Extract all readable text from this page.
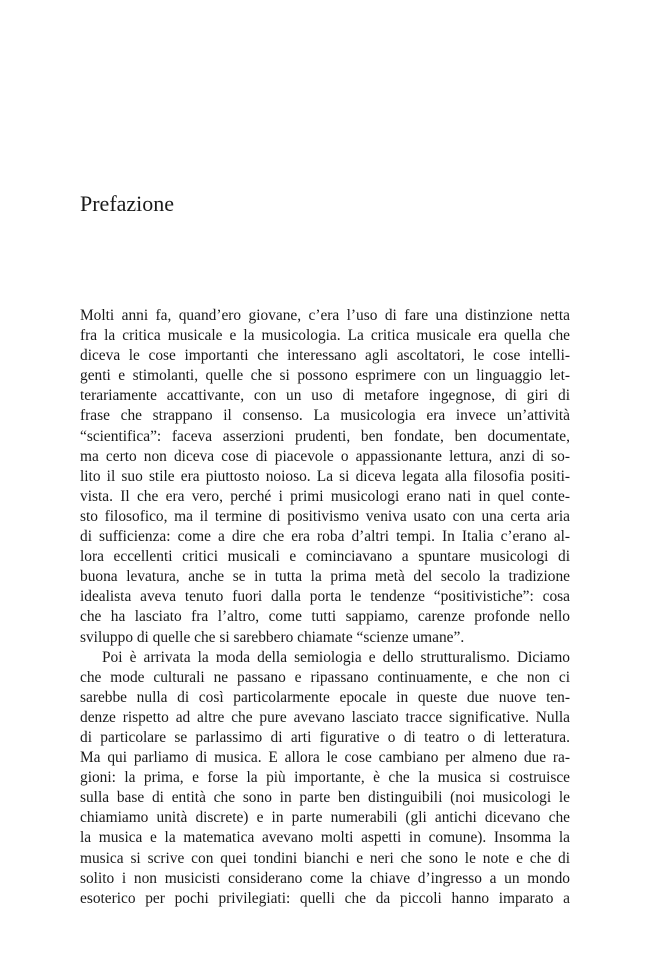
Prefazione

Molti anni fa, quand’ero giovane, c’era l’uso di fare una distinzione netta
fra la critica musicale e la musicologia. La critica musicale era quella che
diceva le cose importanti che interessano agli ascoltatori, le cose intelli-
genti e stimolanti, quelle che si possono esprimere con un linguaggio let-
terariamente accattivante, con un uso di metafore ingegnose, di giri di
frase che strappano il consenso. La musicologia era invece un’attività
“scientifica”: faceva asserzioni prudenti, ben fondate, ben documentate,
ma certo non diceva cose di piacevole o appassionante lettura, anzi di so-
lito il suo stile era piuttosto noioso. La si diceva legata alla filosofia positi-
vista. Il che era vero, perché i primi musicologi erano nati in quel conte-
sto filosofico, ma il termine di positivismo veniva usato con una certa aria
di sufficienza: come a dire che era roba d’altri tempi. In Italia c’erano al-
lora eccellenti critici musicali e cominciavano a spuntare musicologi di
buona levatura, anche se in tutta la prima metà del secolo la tradizione
idealista aveva tenuto fuori dalla porta le tendenze “positivistiche”: cosa
che ha lasciato fra l’altro, come tutti sappiamo, carenze profonde nello
sviluppo di quelle che si sarebbero chiamate “scienze umane”.

Poi è arrivata la moda della semiologia e dello strutturalismo. Diciamo
che mode culturali ne passano e ripassano continuamente, e che non ci
sarebbe nulla di così particolarmente epocale in queste due nuove ten-
denze rispetto ad altre che pure avevano lasciato tracce significative. Nulla
di particolare se parlassimo di arti figurative o di teatro o di letteratura.
Ma qui parliamo di musica. E allora le cose cambiano per almeno due ra-
gioni: la prima, e forse la più importante, è che la musica si costruisce
sulla base di entità che sono in parte ben distinguibili (noi musicologi le
chiamiamo unità discrete) e in parte numerabili (gli antichi dicevano che
la musica e la matematica avevano molti aspetti in comune). Insomma la
musica si scrive con quei tondini bianchi e neri che sono le note e che di
solito i non musicisti considerano come la chiave d’ingresso a un mondo
esoterico per pochi privilegiati: quelli che da piccoli hanno imparato a
